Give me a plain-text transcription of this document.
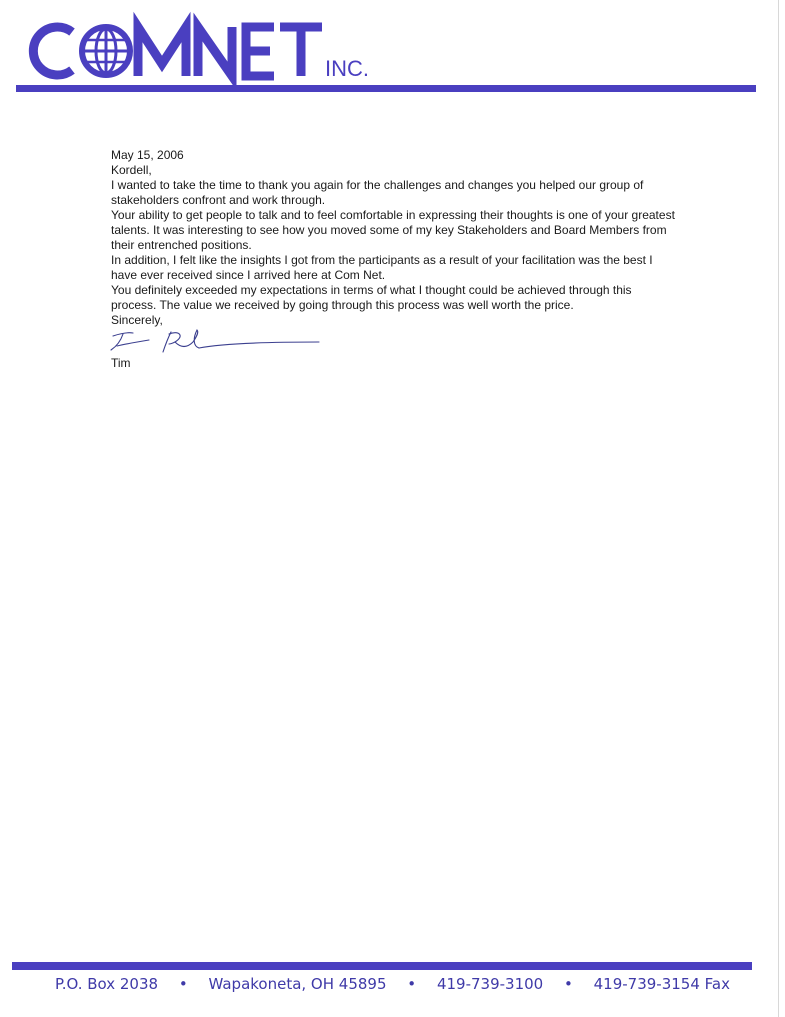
INC.

May 15, 2006

Kordell,

I wanted to take the time to thank you again for the challenges and changes you helped our group of stakeholders confront and work through.

Your ability to get people to talk and to feel comfortable in expressing their thoughts is one of your greatest talents. It was interesting to see how you moved some of my key Stakeholders and Board Members from their entrenched positions.

In addition, I felt like the insights I got from the participants as a result of your facilitation was the best I have ever received since I arrived here at Com Net.

You definitely exceeded my expectations in terms of what I thought could be achieved through this process. The value we received by going through this process was well worth the price.

Sincerely,

Tim

P.O. Box 2038 • Wapakoneta, OH 45895 • 419-739-3100 • 419-739-3154 Fax
